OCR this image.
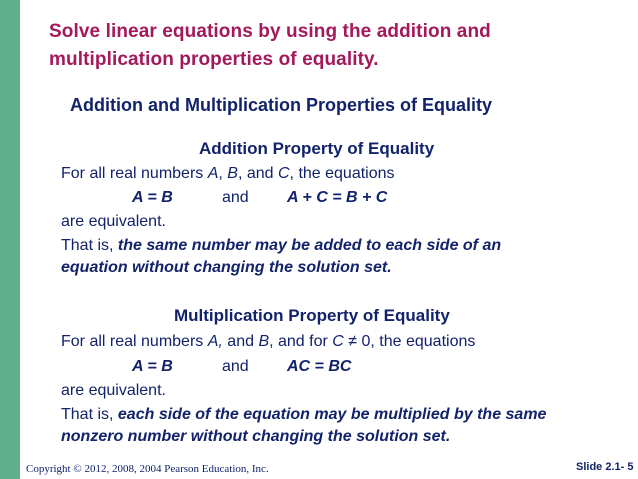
Solve linear equations by using the addition and
multiplication properties of equality.
Addition and Multiplication Properties of Equality
Addition Property of Equality
For all real numbers A, B, and C, the equations
A = B	and A + C = B + C
are equivalent.
That is, the same number may be added to each side of an
equation without changing the solution set.
Multiplication Property of Equality
For all real numbers A, and B, and for C ≠ 0, the equations
A = B	and AC = BC
are equivalent.
That is, each side of the equation may be multiplied by the same
nonzero number without changing the solution set.
Copyright © 2012, 2008, 2004 Pearson Education, Inc.	Slide 2.1- 5
